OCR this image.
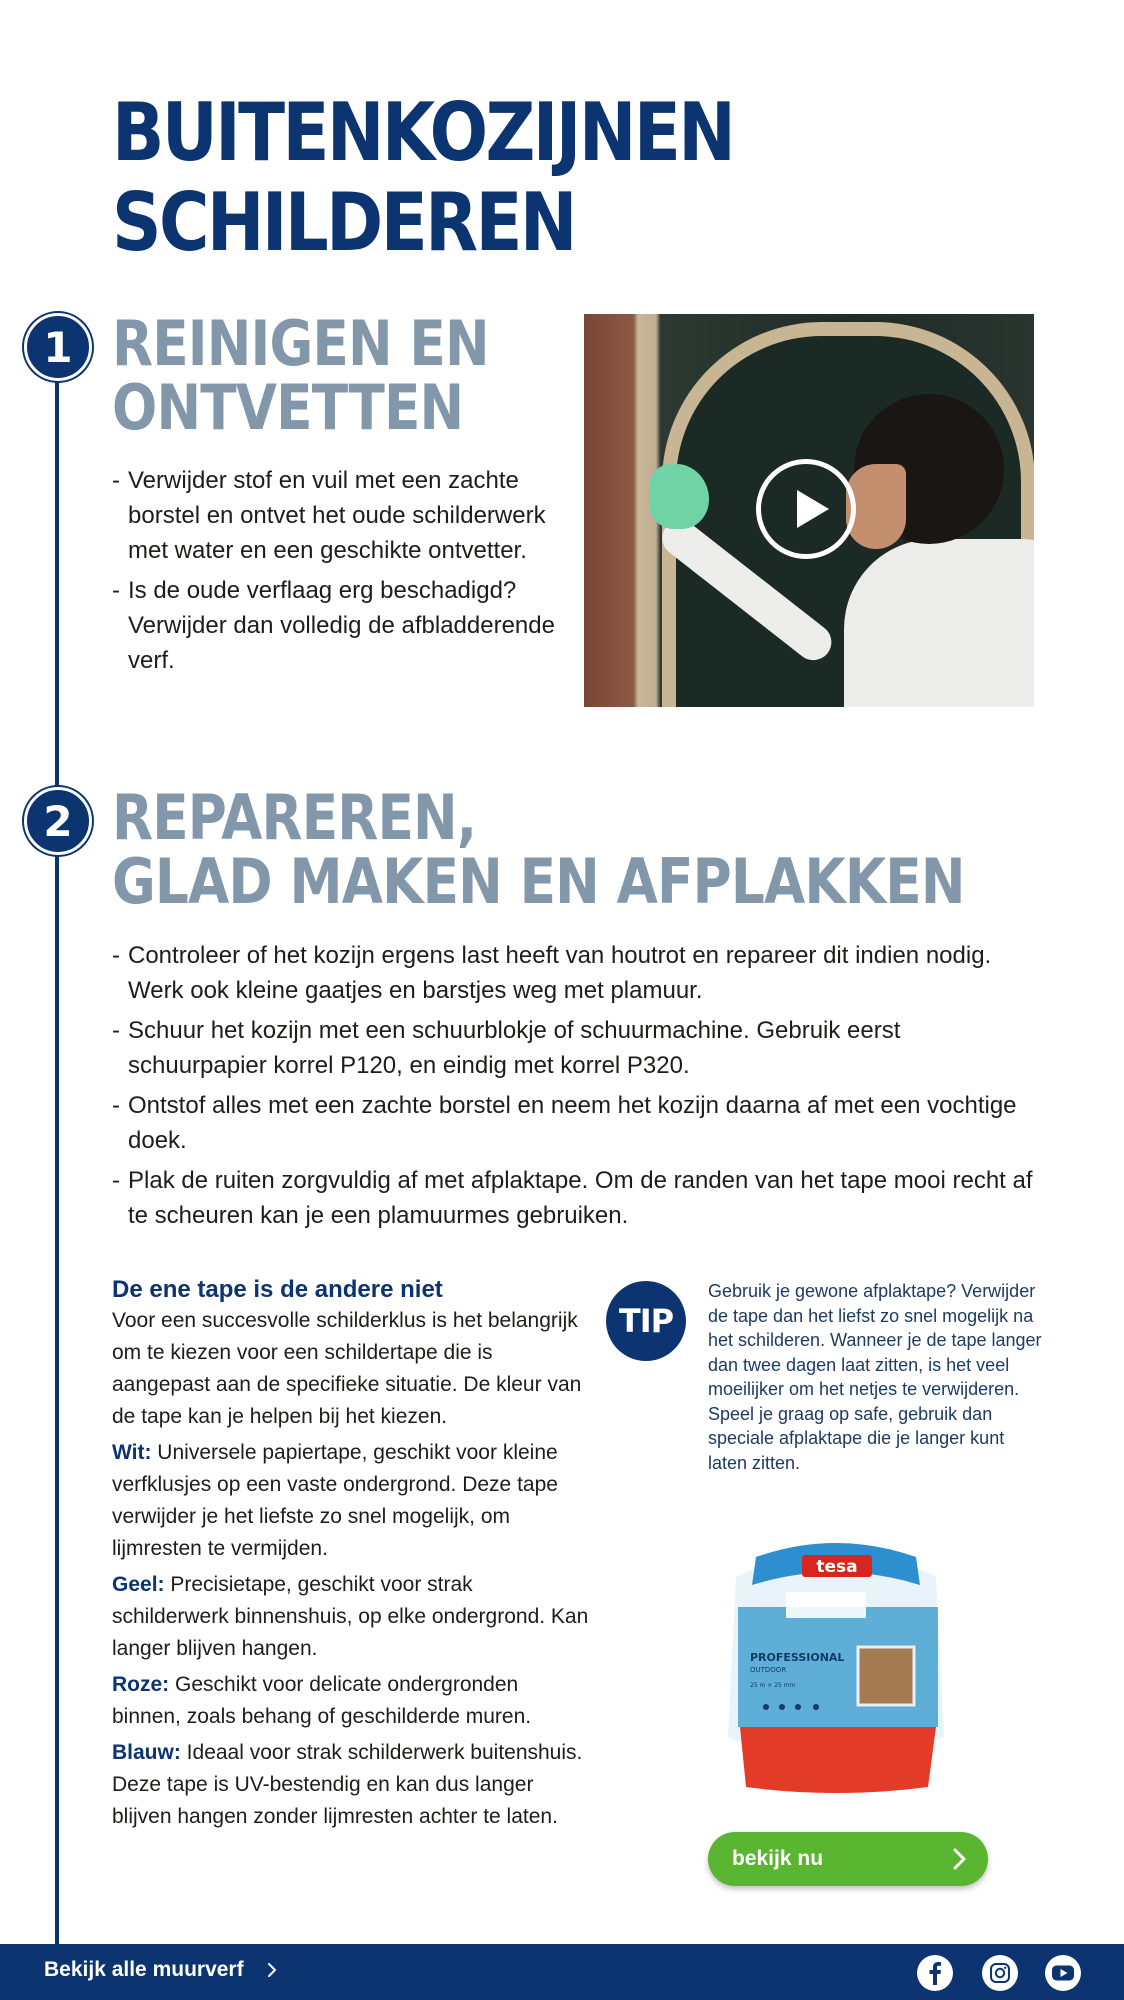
BUITENKOZIJNEN
SCHILDEREN
1 REINIGEN EN
ONTVETTEN
- Verwijder stof en vuil met een zachte borstel en ontvet het oude schilderwerk met water en een geschikte ontvetter.
- Is de oude verflaag erg beschadigd? Verwijder dan volledig de afbladderende verf.
2 REPAREREN,
GLAD MAKEN EN AFPLAKKEN
- Controleer of het kozijn ergens last heeft van houtrot en repareer dit indien nodig. Werk ook kleine gaatjes en barstjes weg met plamuur.
- Schuur het kozijn met een schuurblokje of schuurmachine. Gebruik eerst schuurpapier korrel P120, en eindig met korrel P320.
- Ontstof alles met een zachte borstel en neem het kozijn daarna af met een vochtige doek.
- Plak de ruiten zorgvuldig af met afplaktape. Om de randen van het tape mooi recht af te scheuren kan je een plamuurmes gebruiken.
De ene tape is de andere niet

Voor een succesvolle schilderklus is het belangrijk om te kiezen voor een schildertape die is aangepast aan de specifieke situatie. De kleur van de tape kan je helpen bij het kiezen.

Wit: Universele papiertape, geschikt voor kleine verfklusjes op een vaste ondergrond. Deze tape verwijder je het liefste zo snel mogelijk, om lijmresten te vermijden.

Geel: Precisietape, geschikt voor strak schilderwerk binnenshuis, op elke ondergrond. Kan langer blijven hangen.

Roze: Geschikt voor delicate ondergronden binnen, zoals behang of geschilderde muren.

Blauw: Ideaal voor strak schilderwerk buitenshuis. Deze tape is UV-bestendig en kan dus langer blijven hangen zonder lijmresten achter te laten.

TIP

Gebruik je gewone afplaktape? Verwijder de tape dan het liefst zo snel mogelijk na het schilderen. Wanneer je de tape langer dan twee dagen laat zitten, is het veel moeilijker om het netjes te verwijderen. Speel je graag op safe, gebruik dan speciale afplaktape die je langer kunt laten zitten.

tesa
PROFESSIONAL
OUTDOOR
25 m × 25 mm
bekijk nu
Bekijk alle muurverf
